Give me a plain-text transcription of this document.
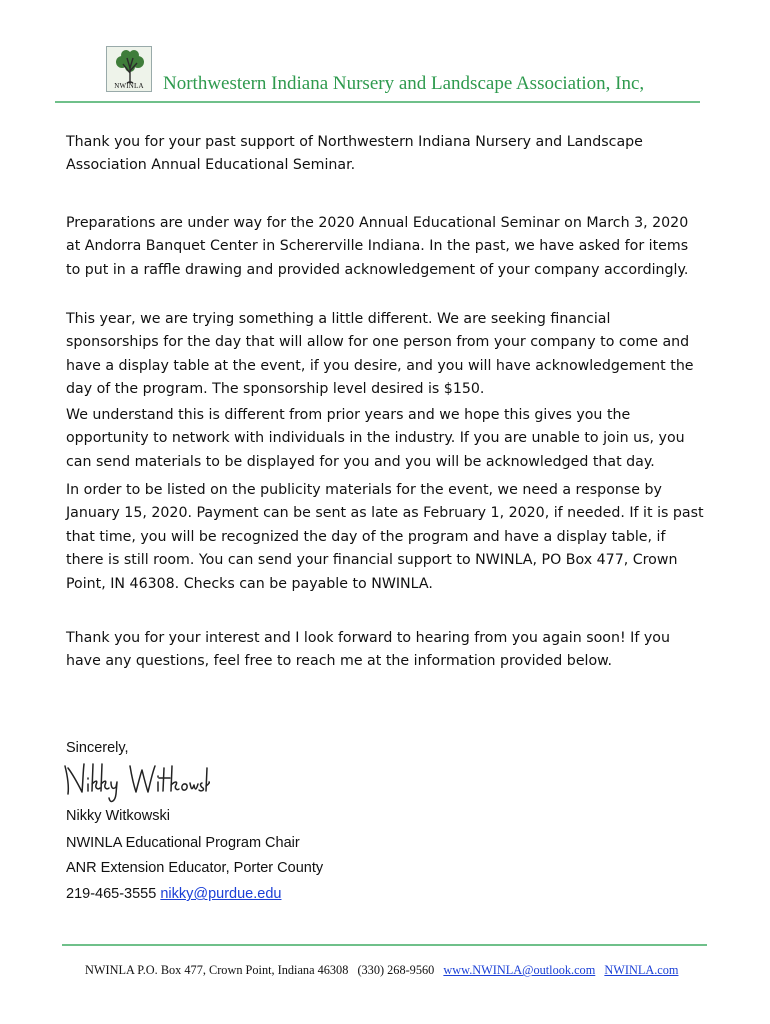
NWINLA	Northwestern Indiana Nursery and Landscape Association, Inc,
Thank you for your past support of Northwestern Indiana Nursery and Landscape Association Annual Educational Seminar.
Preparations are under way for the 2020 Annual Educational Seminar on March 3, 2020 at Andorra Banquet Center in Schererville Indiana. In the past, we have asked for items to put in a raffle drawing and provided acknowledgement of your company accordingly.
This year, we are trying something a little different. We are seeking financial sponsorships for the day that will allow for one person from your company to come and have a display table at the event, if you desire, and you will have acknowledgement the day of the program. The sponsorship level desired is $150.
We understand this is different from prior years and we hope this gives you the opportunity to network with individuals in the industry. If you are unable to join us, you can send materials to be displayed for you and you will be acknowledged that day.
In order to be listed on the publicity materials for the event, we need a response by January 15, 2020. Payment can be sent as late as February 1, 2020, if needed. If it is past that time, you will be recognized the day of the program and have a display table, if there is still room. You can send your financial support to NWINLA, PO Box 477, Crown Point, IN 46308. Checks can be payable to NWINLA.
Thank you for your interest and I look forward to hearing from you again soon! If you have any questions, feel free to reach me at the information provided below.
Sincerely,
Nikky Witkowski
NWINLA Educational Program Chair
ANR Extension Educator, Porter County
219-465-3555 nikky@purdue.edu
NWINLA P.O. Box 477, Crown Point, Indiana 46308 (330) 268-9560 www.NWINLA@outlook.com NWINLA.com
